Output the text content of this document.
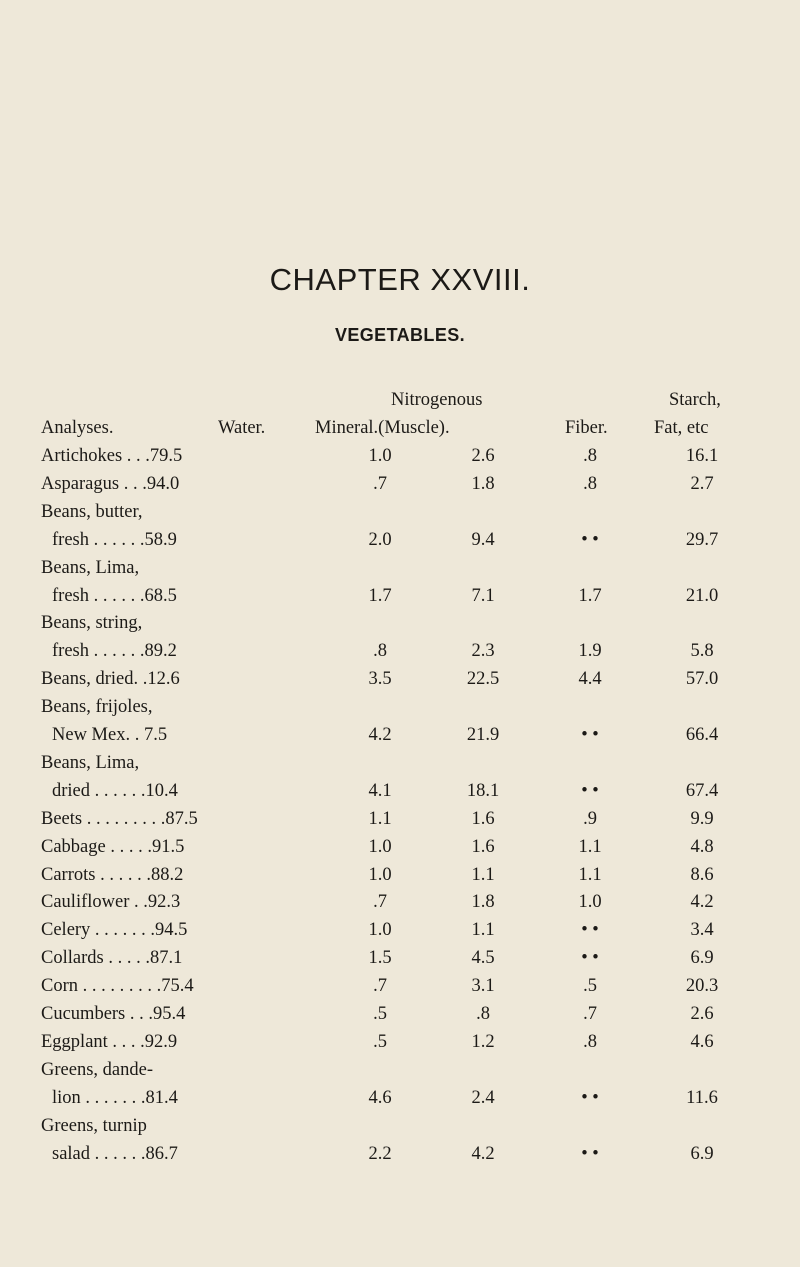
CHAPTER XXVIII.
VEGETABLES.
Nitrogenous	Starch,
Analyses.	Water.	Mineral.(Muscle).	Fiber.	Fat, etc
Artichokes . . .79.5	1.0	2.6	.8	16.1
Asparagus . . .94.0	.7	1.8	.8	2.7
Beans, butter,
fresh . . . . . .58.9	2.0	9.4	• •	29.7
Beans, Lima,
fresh . . . . . .68.5	1.7	7.1	1.7	21.0
Beans, string,
fresh . . . . . .89.2	.8	2.3	1.9	5.8
Beans, dried. .12.6	3.5	22.5	4.4	57.0
Beans, frijoles,
New Mex. . 7.5	4.2	21.9	• •	66.4
Beans, Lima,
dried . . . . . .10.4	4.1	18.1	• •	67.4
Beets . . . . . . . . .87.5	1.1	1.6	.9	9.9
Cabbage . . . . .91.5	1.0	1.6	1.1	4.8
Carrots . . . . . .88.2	1.0	1.1	1.1	8.6
Cauliflower . .92.3	.7	1.8	1.0	4.2
Celery . . . . . . .94.5	1.0	1.1	• •	3.4
Collards . . . . .87.1	1.5	4.5	• •	6.9
Corn . . . . . . . . .75.4	.7	3.1	.5	20.3
Cucumbers . . .95.4	.5	.8	.7	2.6
Eggplant . . . .92.9	.5	1.2	.8	4.6
Greens, dande-
lion . . . . . . .81.4	4.6	2.4	• •	11.6
Greens, turnip
salad . . . . . .86.7	2.2	4.2	• •	6.9
